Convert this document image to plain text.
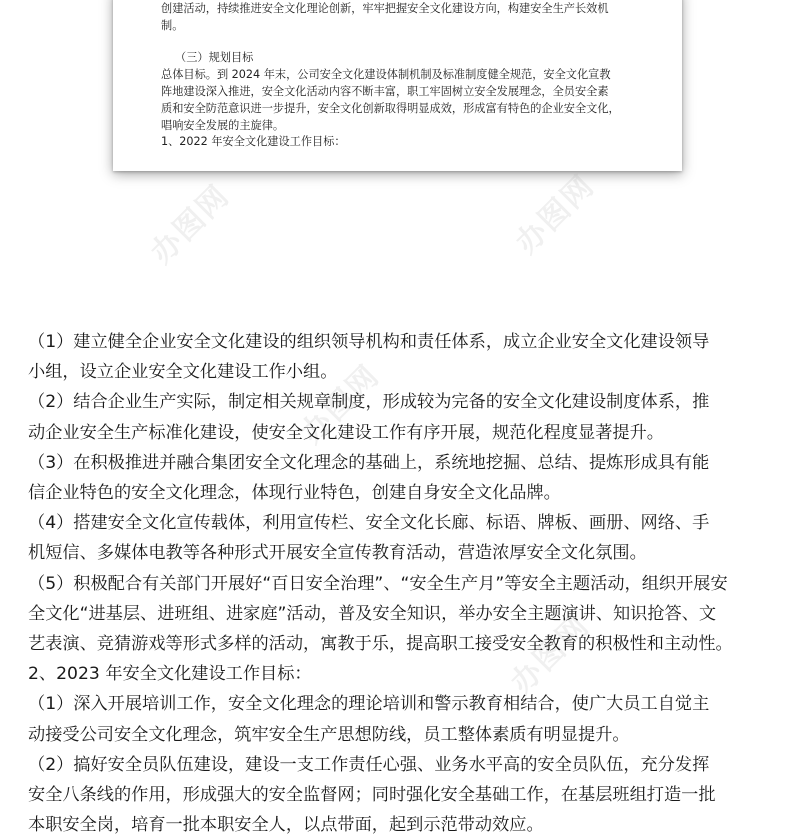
创建活动，持续推进安全文化理论创新，牢牢把握安全文化建设方向，构建安全生产长效机

制。

（三）规划目标

总体目标。到 2024 年末，公司安全文化建设体制机制及标准制度健全规范，安全文化宣教

阵地建设深入推进，安全文化活动内容不断丰富，职工牢固树立安全发展理念，全员安全素

质和安全防范意识进一步提升，安全文化创新取得明显成效，形成富有特色的企业安全文化，

唱响安全发展的主旋律。

1、2022 年安全文化建设工作目标：

办图网	办图网
办图网
办图网

（1）建立健全企业安全文化建设的组织领导机构和责任体系，成立企业安全文化建设领导

小组，设立企业安全文化建设工作小组。

（2）结合企业生产实际，制定相关规章制度，形成较为完备的安全文化建设制度体系，推

动企业安全生产标准化建设，使安全文化建设工作有序开展，规范化程度显著提升。

（3）在积极推进并融合集团安全文化理念的基础上，系统地挖掘、总结、提炼形成具有能

信企业特色的安全文化理念，体现行业特色，创建自身安全文化品牌。

（4）搭建安全文化宣传载体，利用宣传栏、安全文化长廊、标语、牌板、画册、网络、手

机短信、多媒体电教等各种形式开展安全宣传教育活动，营造浓厚安全文化氛围。

（5）积极配合有关部门开展好“百日安全治理”、“安全生产月”等安全主题活动，组织开展安

全文化“进基层、进班组、进家庭”活动，普及安全知识，举办安全主题演讲、知识抢答、文

艺表演、竞猜游戏等形式多样的活动，寓教于乐，提高职工接受安全教育的积极性和主动性。

2、2023 年安全文化建设工作目标：

（1）深入开展培训工作，安全文化理念的理论培训和警示教育相结合，使广大员工自觉主

动接受公司安全文化理念，筑牢安全生产思想防线，员工整体素质有明显提升。

（2）搞好安全员队伍建设，建设一支工作责任心强、业务水平高的安全员队伍，充分发挥

安全八条线的作用，形成强大的安全监督网；同时强化安全基础工作，在基层班组打造一批

本职安全岗，培育一批本职安全人，以点带面，起到示范带动效应。
